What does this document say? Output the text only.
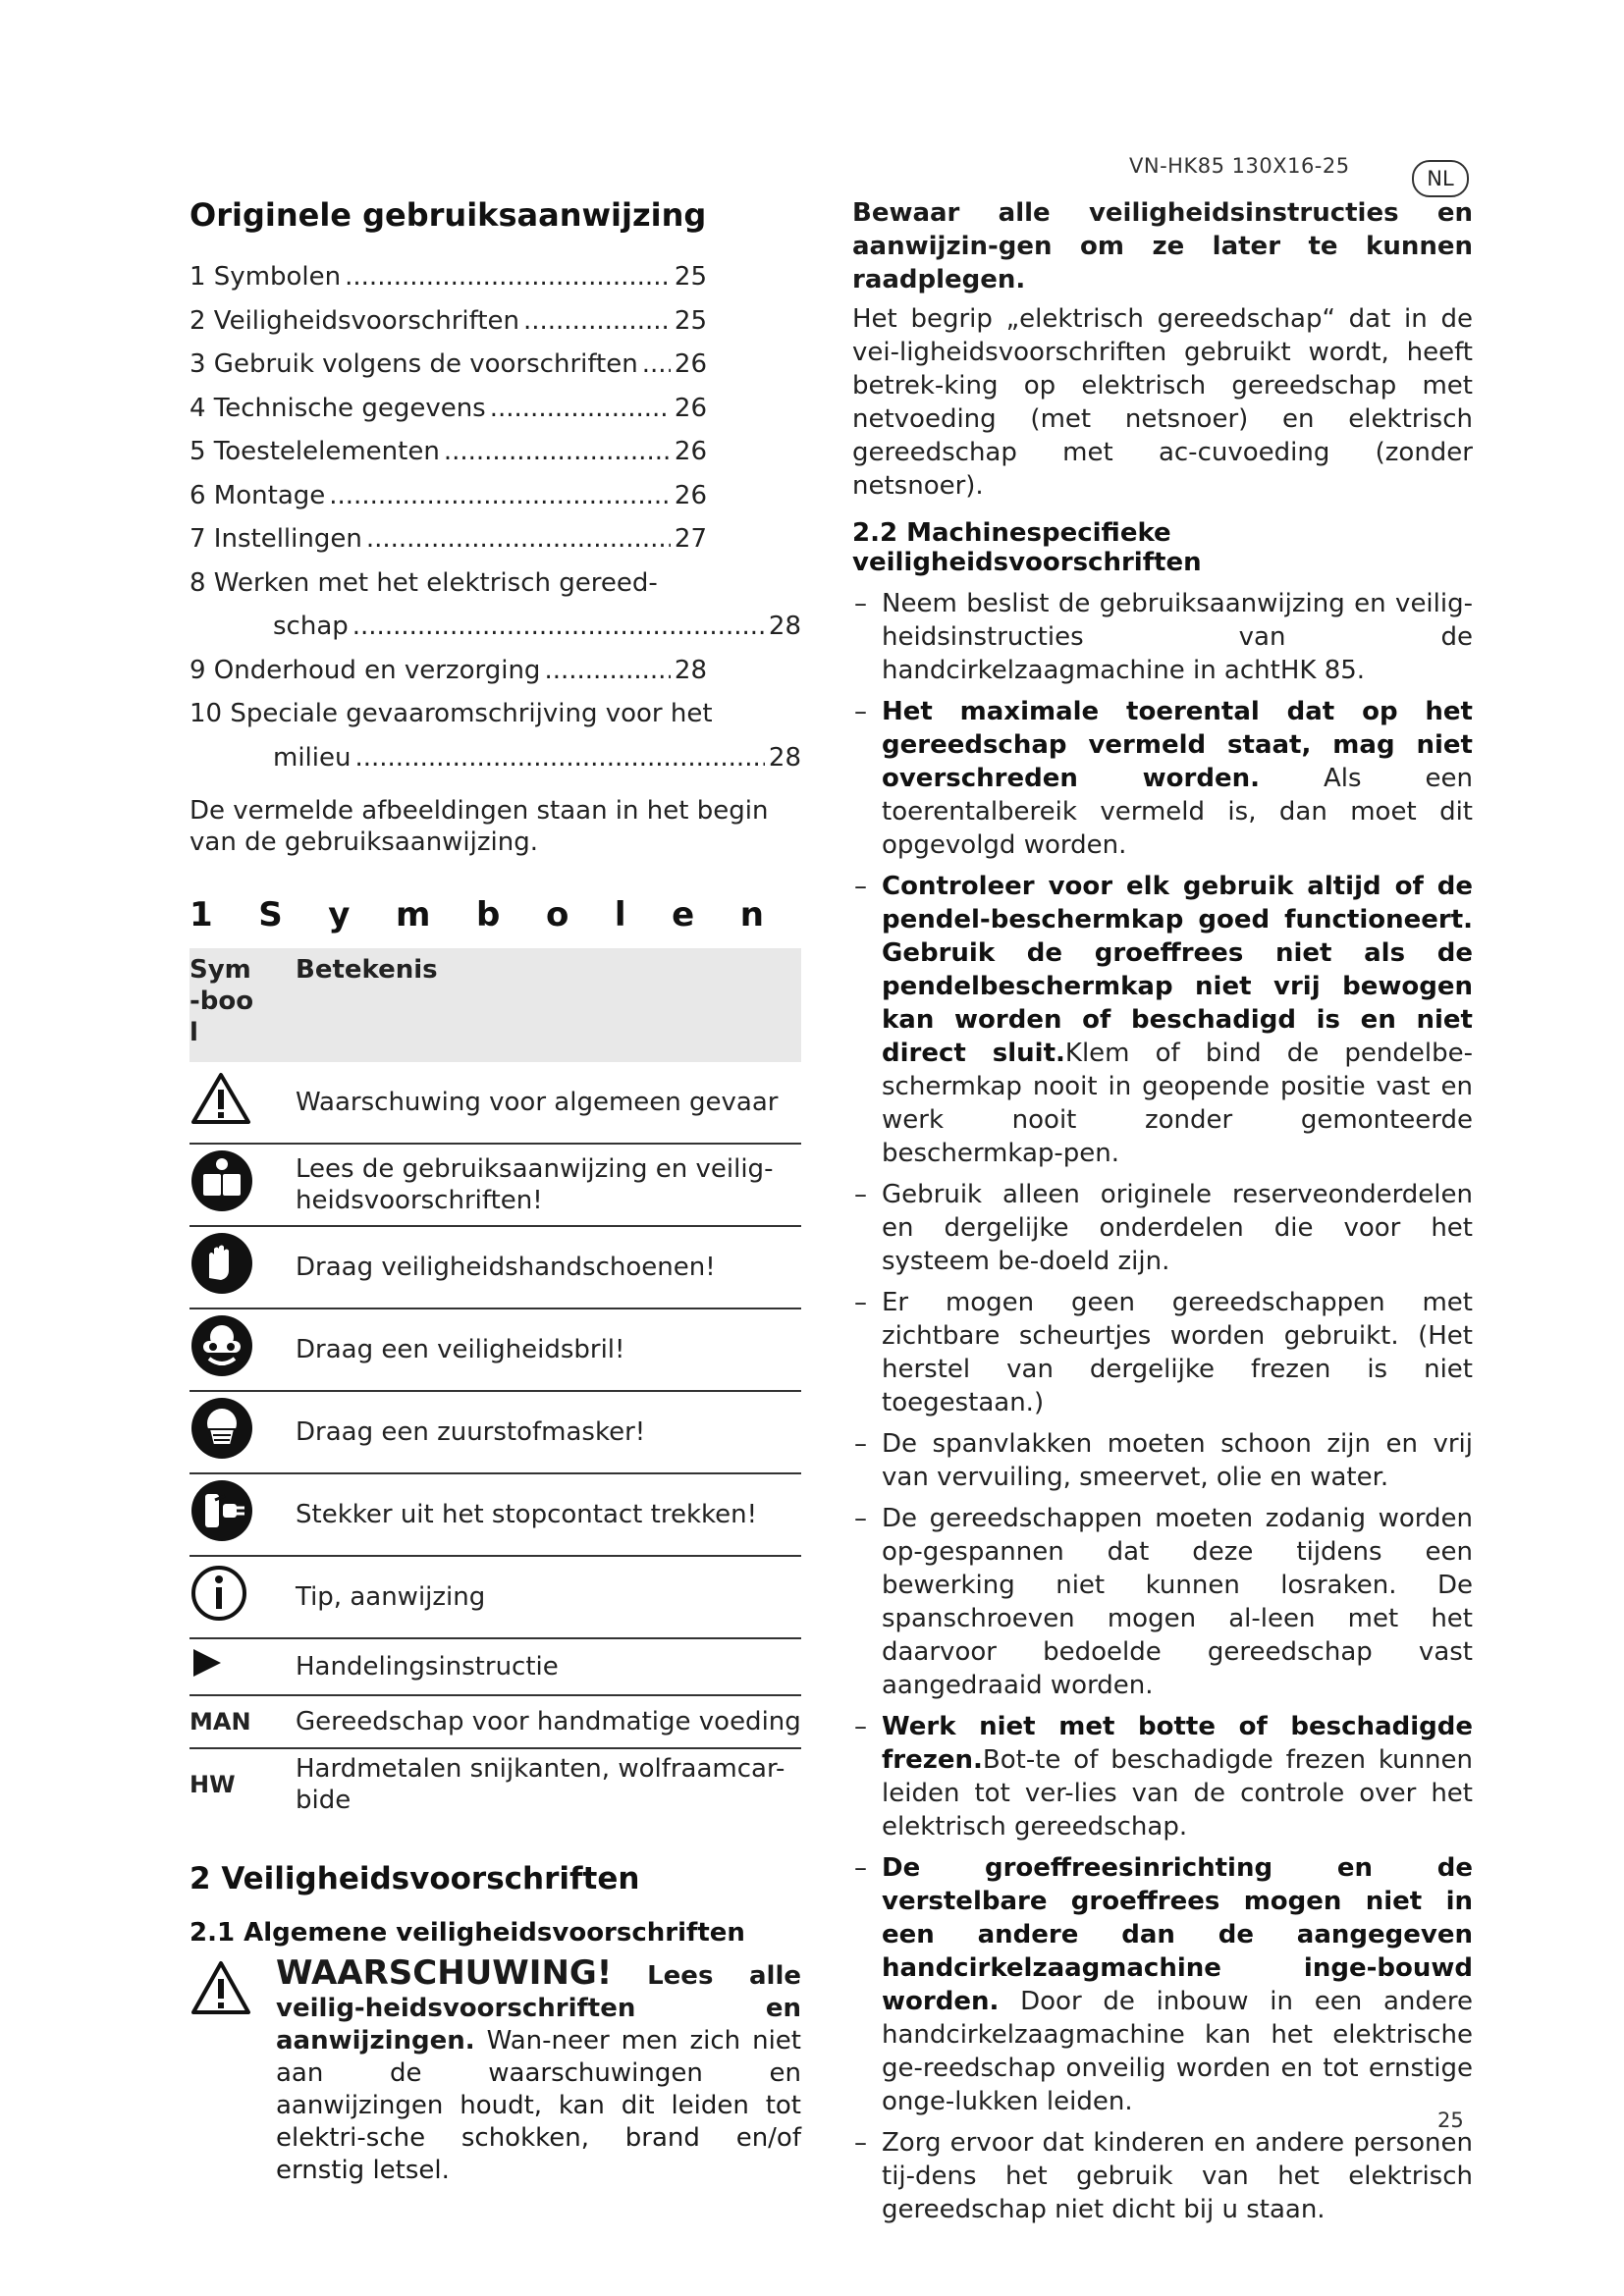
VN-HK85 130X16-25
NL
Originele gebruiksaanwijzing
1 Symbolen .....	25
2 Veiligheidsvoorschriften .....	25
3 Gebruik volgens de voorschriften ..... 26
4 Technische gegevens .....	26
5 Toestelelementen .....	26
6 Montage .....	26
7 Instellingen .....	27
8 Werken met het elektrisch gereed-
schap .....	28
9 Onderhoud en verzorging .....	28
10 Speciale gevaaromschrijving voor het
milieu .....	28
De vermelde afbeeldingen staan in het begin van de gebruiksaanwijzing.
1 S y m b o l e n
Sym-bool	Betekenis
	Waarschuwing voor algemeen gevaar
	Lees de gebruiksaanwijzing en veilig-heidsvoorschriften!
	Draag veiligheidshandschoenen!
	Draag een veiligheidsbril!
	Draag een zuurstofmasker!
	Stekker uit het stopcontact trekken!
	Tip, aanwijzing
	Handelingsinstructie
MAN	Gereedschap voor handmatige voeding
HW	Hardmetalen snijkanten, wolfraamcar-bide
2 Veiligheidsvoorschriften
2.1 Algemene veiligheidsvoorschriften
WAARSCHUWING! Lees alle veilig-heidsvoorschriften en aanwijzingen. Wan-neer men zich niet aan de waarschuwingen en aanwijzingen houdt, kan dit leiden tot elektri-sche schokken, brand en/of ernstig letsel.
Bewaar alle veiligheidsinstructies en aanwijzin-gen om ze later te kunnen raadplegen.
Het begrip „elektrisch gereedschap“ dat in de vei-ligheidsvoorschriften gebruikt wordt, heeft betrek-king op elektrisch gereedschap met netvoeding (met netsnoer) en elektrisch gereedschap met ac-cuvoeding (zonder netsnoer).
2.2 Machinespecifieke veiligheidsvoorschriften
– Neem beslist de gebruiksaanwijzing en veilig-heidsinstructies van de handcirkelzaagmachine in achtHK 85.
– Het maximale toerental dat op het gereedschap vermeld staat, mag niet overschreden worden. Als een toerentalbereik vermeld is, dan moet dit opgevolgd worden.
– Controleer voor elk gebruik altijd of de pendel-beschermkap goed functioneert. Gebruik de groeffrees niet als de pendelbeschermkap niet vrij bewogen kan worden of beschadigd is en niet direct sluit.Klem of bind de pendelbe-schermkap nooit in geopende positie vast en werk nooit zonder gemonteerde beschermkap-pen.
– Gebruik alleen originele reserveonderdelen en dergelijke onderdelen die voor het systeem be-doeld zijn.
– Er mogen geen gereedschappen met zichtbare scheurtjes worden gebruikt. (Het herstel van dergelijke frezen is niet toegestaan.)
– De spanvlakken moeten schoon zijn en vrij van vervuiling, smeervet, olie en water.
– De gereedschappen moeten zodanig worden op-gespannen dat deze tijdens een bewerking niet kunnen losraken. De spanschroeven mogen al-leen met het daarvoor bedoelde gereedschap vast aangedraaid worden.
– Werk niet met botte of beschadigde frezen.Bot-te of beschadigde frezen kunnen leiden tot ver-lies van de controle over het elektrisch gereedschap.
– De groeffreesinrichting en de verstelbare groeffrees mogen niet in een andere dan de aangegeven handcirkelzaagmachine inge-bouwd worden. Door de inbouw in een andere handcirkelzaagmachine kan het elektrische ge-reedschap onveilig worden en tot ernstige onge-lukken leiden.
– Zorg ervoor dat kinderen en andere personen tij-dens het gebruik van het elektrisch gereedschap niet dicht bij u staan.
25
